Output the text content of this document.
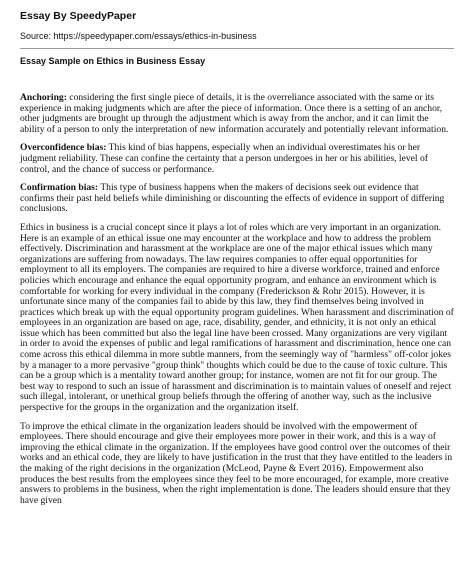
Essay By SpeedyPaper
Source: https://speedypaper.com/essays/ethics-in-business
Essay Sample on Ethics in Business Essay

Anchoring: considering the first single piece of details, it is the overreliance associated with the same or its experience in making judgments which are after the piece of information. Once there is a setting of an anchor, other judgments are brought up through the adjustment which is away from the anchor, and it can limit the ability of a person to only the interpretation of new information accurately and potentially relevant information.

Overconfidence bias: This kind of bias happens, especially when an individual overestimates his or her judgment reliability. These can confine the certainty that a person undergoes in her or his abilities, level of control, and the chance of success or performance.

Confirmation bias: This type of business happens when the makers of decisions seek out evidence that confirms their past held beliefs while diminishing or discounting the effects of evidence in support of differing conclusions.

Ethics in business is a crucial concept since it plays a lot of roles which are very important in an organization. Here is an example of an ethical issue one may encounter at the workplace and how to address the problem effectively. Discrimination and harassment at the workplace are one of the major ethical issues which many organizations are suffering from nowadays. The law requires companies to offer equal opportunities for employment to all its employers. The companies are required to hire a diverse workforce, trained and enforce policies which encourage and enhance the equal opportunity program, and enhance an environment which is comfortable for working for every individual in the company (Frederickson & Rohr 2015). However, it is unfortunate since many of the companies fail to abide by this law, they find themselves being involved in practices which break up with the equal opportunity program guidelines. When harassment and discrimination of employees in an organization are based on age, race, disability, gender, and ethnicity, it is not only an ethical issue which has been committed but also the legal line have been crossed. Many organizations are very vigilant in order to avoid the expenses of public and legal ramifications of harassment and discrimination, hence one can come across this ethical dilemma in more subtle manners, from the seemingly way of "harmless" off-color jokes by a manager to a more pervasive "group think" thoughts which could be due to the cause of toxic culture. This can be a group which is a mentality toward another group; for instance, women are not fit for our group. The best way to respond to such an issue of harassment and discrimination is to maintain values of oneself and reject such illegal, intolerant, or unethical group beliefs through the offering of another way, such as the inclusive perspective for the groups in the organization and the organization itself.

To improve the ethical climate in the organization leaders should be involved with the empowerment of employees. There should encourage and give their employees more power in their work, and this is a way of improving the ethical climate in the organization. If the employees have good control over the outcomes of their works and an ethical code, they are likely to have justification in the trust that they have entitled to the leaders in the making of the right decisions in the organization (McLeod, Payne & Evert 2016). Empowerment also produces the best results from the employees since they feel to be more encouraged, for example, more creative answers to problems in the business, when the right implementation is done. The leaders should ensure that they have given
